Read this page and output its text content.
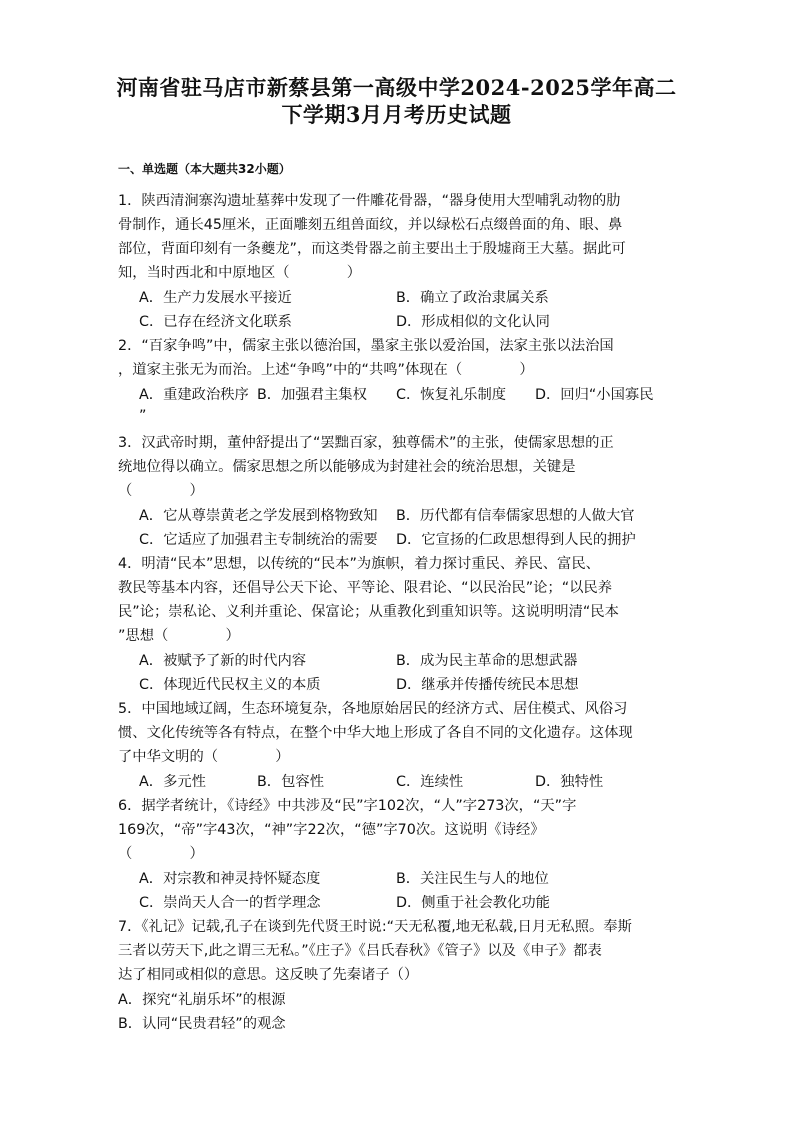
河南省驻马店市新蔡县第一高级中学2024-2025学年高二
下学期3月月考历史试题
一、单选题（本大题共32小题）
1．陕西清涧寨沟遗址墓葬中发现了一件雕花骨器，“器身使用大型哺乳动物的肋
骨制作，通长45厘米，正面雕刻五组兽面纹，并以绿松石点缀兽面的角、眼、鼻
部位，背面印刻有一条夔龙”，而这类骨器之前主要出土于殷墟商王大墓。据此可
知，当时西北和中原地区（　　　　）
A．生产力发展水平接近	B．确立了政治隶属关系
C．已存在经济文化联系	D．形成相似的文化认同
2．“百家争鸣”中，儒家主张以德治国，墨家主张以爱治国，法家主张以法治国
，道家主张无为而治。上述“争鸣”中的“共鸣”体现在（　　　　）
A．重建政治秩序 B．加强君主集权 C．恢复礼乐制度 D．回归“小国寡民
”
3．汉武帝时期，董仲舒提出了“罢黜百家，独尊儒术”的主张，使儒家思想的正
统地位得以确立。儒家思想之所以能够成为封建社会的统治思想，关键是
（　　　　）
A．它从尊崇黄老之学发展到格物致知 B．历代都有信奉儒家思想的人做大官
C．它适应了加强君主专制统治的需要 D．它宣扬的仁政思想得到人民的拥护
4．明清“民本”思想，以传统的“民本”为旗帜，着力探讨重民、养民、富民、
教民等基本内容，还倡导公天下论、平等论、限君论、“以民治民”论；“以民养
民”论；崇私论、义利并重论、保富论；从重教化到重知识等。这说明明清“民本
”思想（　　　　）
A．被赋予了新的时代内容	B．成为民主革命的思想武器
C．体现近代民权主义的本质	D．继承并传播传统民本思想
5．中国地域辽阔，生态环境复杂，各地原始居民的经济方式、居住模式、风俗习
惯、文化传统等各有特点，在整个中华大地上形成了各自不同的文化遗存。这体现
了中华文明的（　　　　）
A．多元性	B．包容性	C．连续性	D．独特性
6．据学者统计，《诗经》中共涉及“民”字102次，“人”字273次，“天”字
169次，“帝”字43次，“神”字22次，“德”字70次。这说明《诗经》
（　　　　）
A．对宗教和神灵持怀疑态度	B．关注民生与人的地位
C．崇尚天人合一的哲学理念	D．侧重于社会教化功能
7．《礼记》记载,孔子在谈到先代贤王时说:“天无私覆,地无私载,日月无私照。奉斯
三者以劳天下,此之谓三无私。”《庄子》《吕氏春秋》《管子》以及《申子》都表
达了相同或相似的意思。这反映了先秦诸子（）
A．探究“礼崩乐坏”的根源
B．认同“民贵君轻”的观念
